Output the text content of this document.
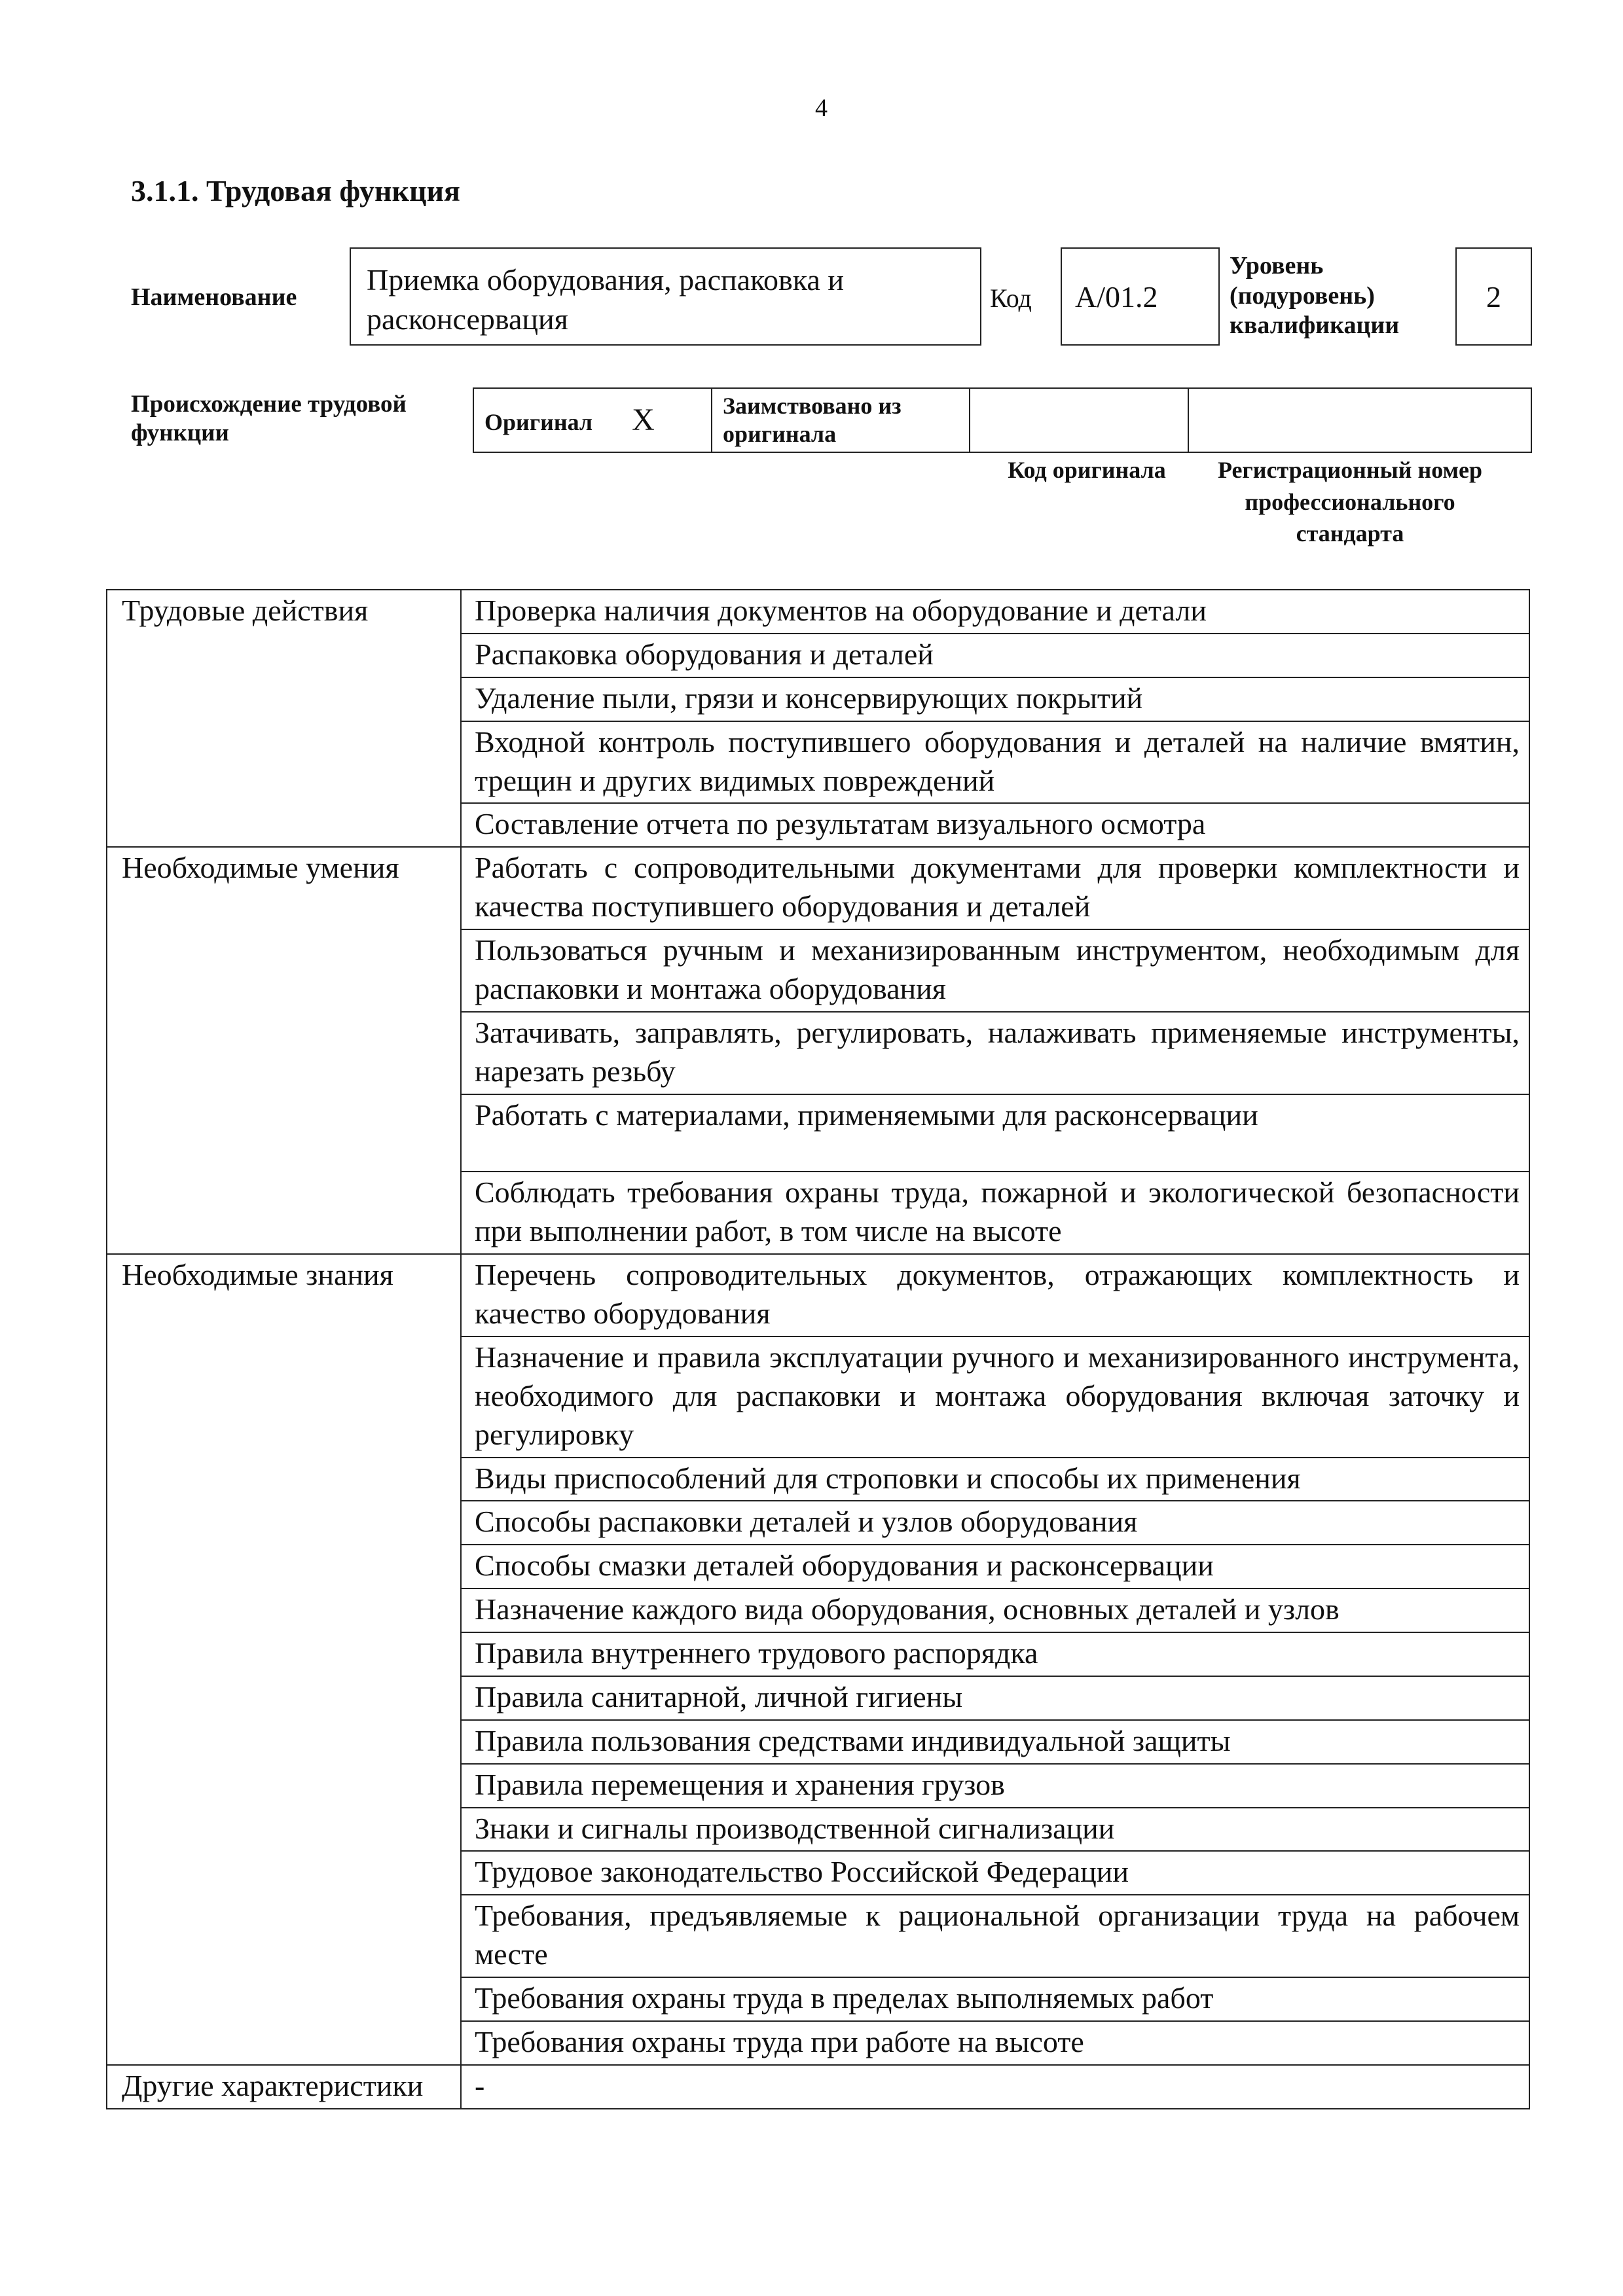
4
3.1.1. Трудовая функция
Наименование
Приемка оборудования, распаковка и расконсервация
Код	A/01.2
Уровень (подуровень) квалификации
2
Происхождение трудовой функции	Оригинал X	Заимствовано из оригинала		
Код оригинала	Регистрационный номер профессионального стандарта
Трудовые действия	Проверка наличия документов на оборудование и детали
	Распаковка оборудования и деталей
	Удаление пыли, грязи и консервирующих покрытий
	Входной контроль поступившего оборудования и деталей на наличие вмятин, трещин и других видимых повреждений
	Составление отчета по результатам визуального осмотра
Необходимые умения	Работать с сопроводительными документами для проверки комплектности и качества поступившего оборудования и деталей
	Пользоваться ручным и механизированным инструментом, необходимым для распаковки и монтажа оборудования
	Затачивать, заправлять, регулировать, налаживать применяемые инструменты, нарезать резьбу
	Работать с материалами, применяемыми для расконсервации
	Соблюдать требования охраны труда, пожарной и экологической безопасности при выполнении работ, в том числе на высоте
Необходимые знания	Перечень сопроводительных документов, отражающих комплектность и качество оборудования
	Назначение и правила эксплуатации ручного и механизированного инструмента, необходимого для распаковки и монтажа оборудования включая заточку и регулировку
	Виды приспособлений для строповки и способы их применения
	Способы распаковки деталей и узлов оборудования
	Способы смазки деталей оборудования и расконсервации
	Назначение каждого вида оборудования, основных деталей и узлов
	Правила внутреннего трудового распорядка
	Правила санитарной, личной гигиены
	Правила пользования средствами индивидуальной защиты
	Правила перемещения и хранения грузов
	Знаки и сигналы производственной сигнализации
	Трудовое законодательство Российской Федерации
	Требования, предъявляемые к рациональной организации труда на рабочем месте
	Требования охраны труда в пределах выполняемых работ
	Требования охраны труда при работе на высоте
Другие характеристики	-
